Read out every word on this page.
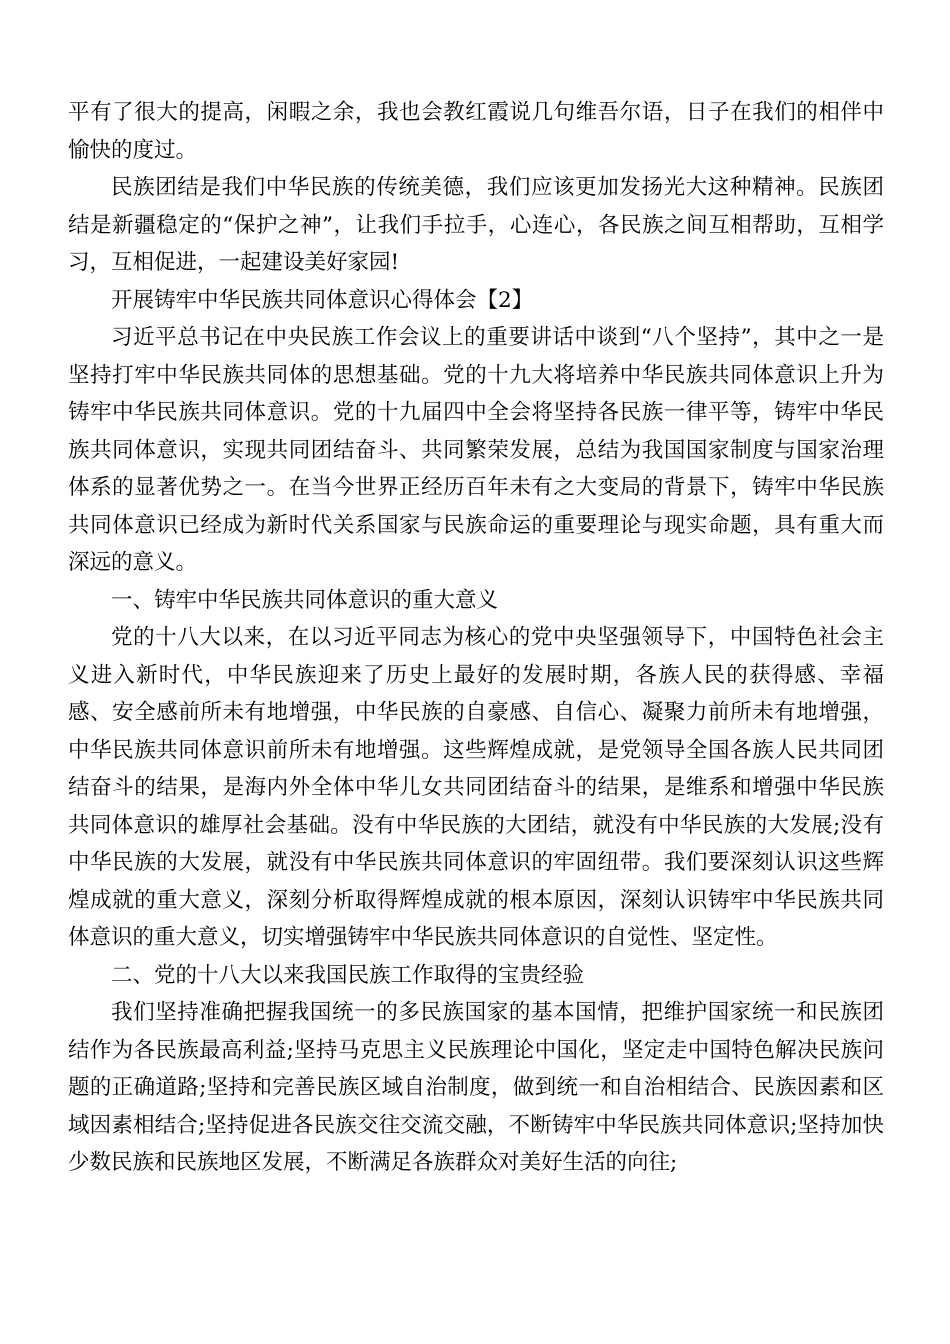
平有了很大的提高，闲暇之余，我也会教红霞说几句维吾尔语，日子在我们的相伴中愉快的度过。

民族团结是我们中华民族的传统美德，我们应该更加发扬光大这种精神。民族团结是新疆稳定的“保护之神”，让我们手拉手，心连心，各民族之间互相帮助，互相学习，互相促进，一起建设美好家园!

开展铸牢中华民族共同体意识心得体会【2】

习近平总书记在中央民族工作会议上的重要讲话中谈到“八个坚持”，其中之一是坚持打牢中华民族共同体的思想基础。党的十九大将培养中华民族共同体意识上升为铸牢中华民族共同体意识。党的十九届四中全会将坚持各民族一律平等，铸牢中华民族共同体意识，实现共同团结奋斗、共同繁荣发展，总结为我国国家制度与国家治理体系的显著优势之一。在当今世界正经历百年未有之大变局的背景下，铸牢中华民族共同体意识已经成为新时代关系国家与民族命运的重要理论与现实命题，具有重大而深远的意义。

一、铸牢中华民族共同体意识的重大意义

党的十八大以来，在以习近平同志为核心的党中央坚强领导下，中国特色社会主义进入新时代，中华民族迎来了历史上最好的发展时期，各族人民的获得感、幸福感、安全感前所未有地增强，中华民族的自豪感、自信心、凝聚力前所未有地增强，中华民族共同体意识前所未有地增强。这些辉煌成就，是党领导全国各族人民共同团结奋斗的结果，是海内外全体中华儿女共同团结奋斗的结果，是维系和增强中华民族共同体意识的雄厚社会基础。没有中华民族的大团结，就没有中华民族的大发展;没有中华民族的大发展，就没有中华民族共同体意识的牢固纽带。我们要深刻认识这些辉煌成就的重大意义，深刻分析取得辉煌成就的根本原因，深刻认识铸牢中华民族共同体意识的重大意义，切实增强铸牢中华民族共同体意识的自觉性、坚定性。

二、党的十八大以来我国民族工作取得的宝贵经验

我们坚持准确把握我国统一的多民族国家的基本国情，把维护国家统一和民族团结作为各民族最高利益;坚持马克思主义民族理论中国化，坚定走中国特色解决民族问题的正确道路;坚持和完善民族区域自治制度，做到统一和自治相结合、民族因素和区域因素相结合;坚持促进各民族交往交流交融，不断铸牢中华民族共同体意识;坚持加快少数民族和民族地区发展，不断满足各族群众对美好生活的向往;
